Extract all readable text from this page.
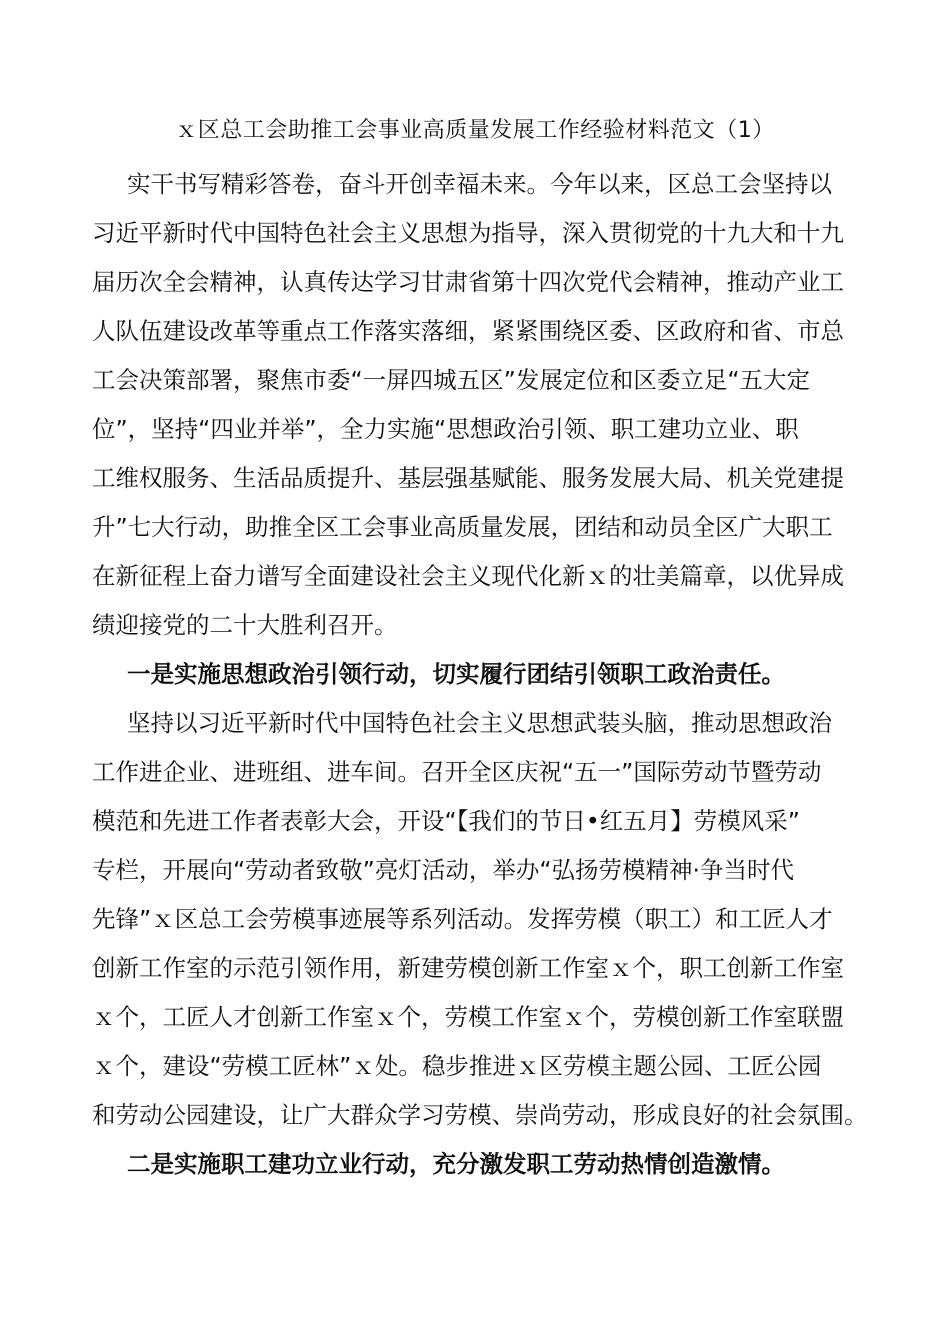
ｘ区总工会助推工会事业高质量发展工作经验材料范文（1）
实干书写精彩答卷，奋斗开创幸福未来。今年以来，区总工会坚持以
习近平新时代中国特色社会主义思想为指导，深入贯彻党的十九大和十九
届历次全会精神，认真传达学习甘肃省第十四次党代会精神，推动产业工
人队伍建设改革等重点工作落实落细，紧紧围绕区委、区政府和省、市总
工会决策部署，聚焦市委“一屏四城五区”发展定位和区委立足“五大定
位”，坚持“四业并举”，全力实施“思想政治引领、职工建功立业、职
工维权服务、生活品质提升、基层强基赋能、服务发展大局、机关党建提
升”七大行动，助推全区工会事业高质量发展，团结和动员全区广大职工
在新征程上奋力谱写全面建设社会主义现代化新ｘ的壮美篇章，以优异成
绩迎接党的二十大胜利召开。
一是实施思想政治引领行动，切实履行团结引领职工政治责任。
坚持以习近平新时代中国特色社会主义思想武装头脑，推动思想政治
工作进企业、进班组、进车间。召开全区庆祝“五一”国际劳动节暨劳动
模范和先进工作者表彰大会，开设“【我们的节日•红五月】劳模风采”
专栏，开展向“劳动者致敬”亮灯活动，举办“弘扬劳模精神·争当时代
先锋”ｘ区总工会劳模事迹展等系列活动。发挥劳模（职工）和工匠人才
创新工作室的示范引领作用，新建劳模创新工作室ｘ个，职工创新工作室
ｘ个，工匠人才创新工作室ｘ个，劳模工作室ｘ个，劳模创新工作室联盟
ｘ个，建设“劳模工匠林”ｘ处。稳步推进ｘ区劳模主题公园、工匠公园
和劳动公园建设，让广大群众学习劳模、崇尚劳动，形成良好的社会氛围。
二是实施职工建功立业行动，充分激发职工劳动热情创造激情。
